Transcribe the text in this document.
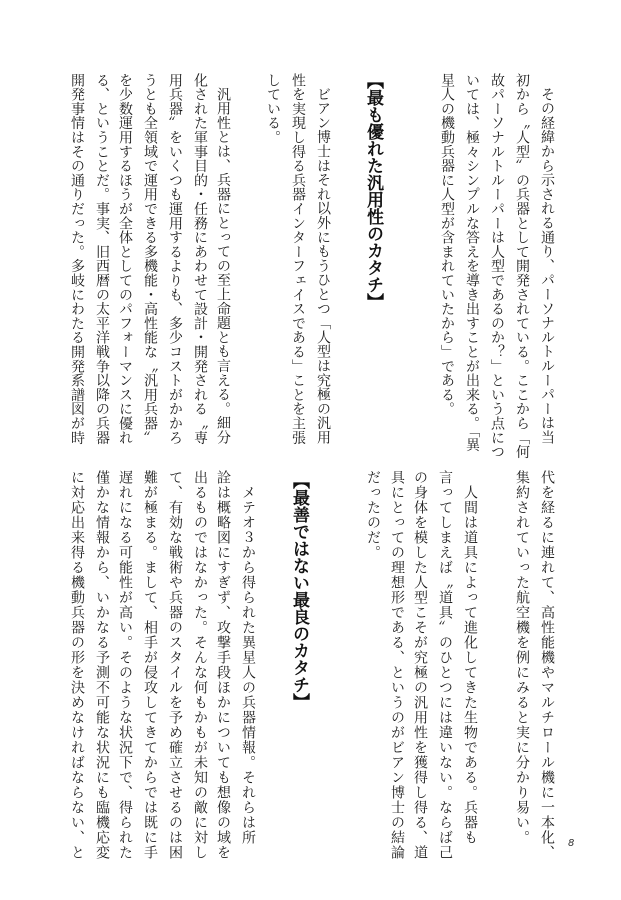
【最も優れた汎用性のカタチ】
【最善ではない最良のカタチ】
8
その経緯から示される通り、パーソナルトルーパーは当
初から〝人型〟の兵器として開発されている。ここから「何
故パーソナルトルーパーは人型であるのか？」という点につ
いては、極々シンプルな答えを導き出すことが出来る。「異
星人の機動兵器に人型が含まれていたから」である。
ビアン博士はそれ以外にもうひとつ「人型は究極の汎用
性を実現し得る兵器インターフェイスである」ことを主張
している。
汎用性とは、兵器にとっての至上命題とも言える。細分
化された軍事目的・任務にあわせて設計・開発される〝専
用兵器〟をいくつも運用するよりも、多少コストがかかろ
うとも全領域で運用できる多機能・高性能な〝汎用兵器〟
を少数運用するほうが全体としてのパフォーマンスに優れ
る、ということだ。事実、旧西暦の太平洋戦争以降の兵器
開発事情はその通りだった。多岐にわたる開発系譜図が時
代を経るに連れて、高性能機やマルチロール機に一本化、
集約されていった航空機を例にみると実に分かり易い。
人間は道具によって進化してきた生物である。兵器も
言ってしまえば〝道具〟のひとつには違いない。ならば己
の身体を模した人型こそが究極の汎用性を獲得し得る、道
具にとっての理想形である、というのがビアン博士の結論
だったのだ。
メテオ３から得られた異星人の兵器情報。それらは所
詮は概略図にすぎず、攻撃手段ほかについても想像の域を
出るものではなかった。そんな何もかもが未知の敵に対し
て、有効な戦術や兵器のスタイルを予め確立させるのは困
難が極まる。まして、相手が侵攻してきてからでは既に手
遅れになる可能性が高い。そのような状況下で、得られた
僅かな情報から、いかなる予測不可能な状況にも臨機応変
に対応出来得る機動兵器の形を決めなければならない、と
